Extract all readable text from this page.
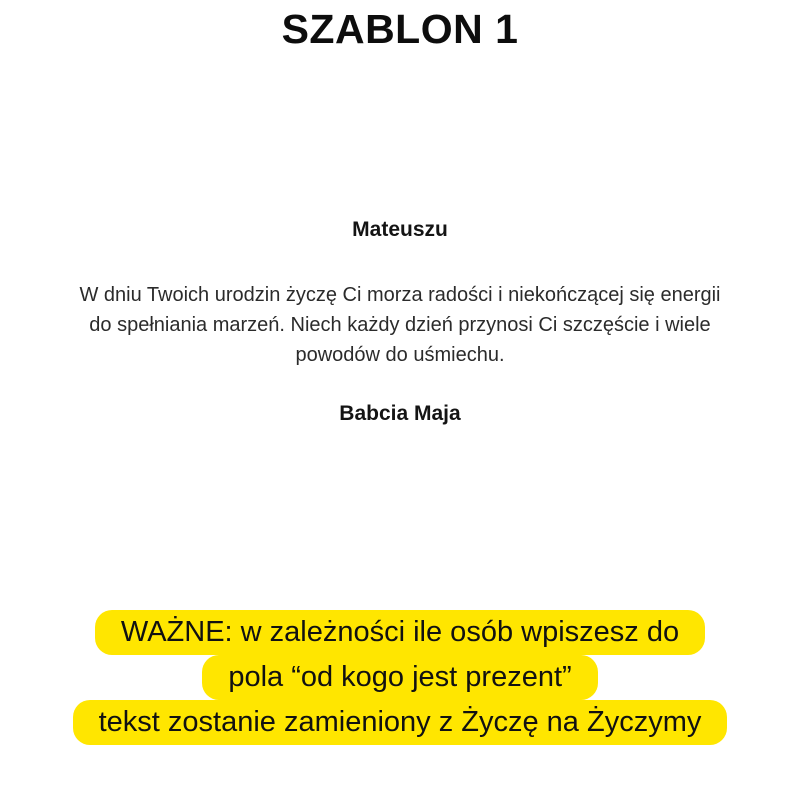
SZABLON 1
Mateuszu
W dniu Twoich urodzin życzę Ci morza radości i niekończącej się energii
do spełniania marzeń. Niech każdy dzień przynosi Ci szczęście i wiele
powodów do uśmiechu.
Babcia Maja
WAŻNE: w zależności ile osób wpiszesz do
pola “od kogo jest prezent”
tekst zostanie zamieniony z Życzę na Życzymy
